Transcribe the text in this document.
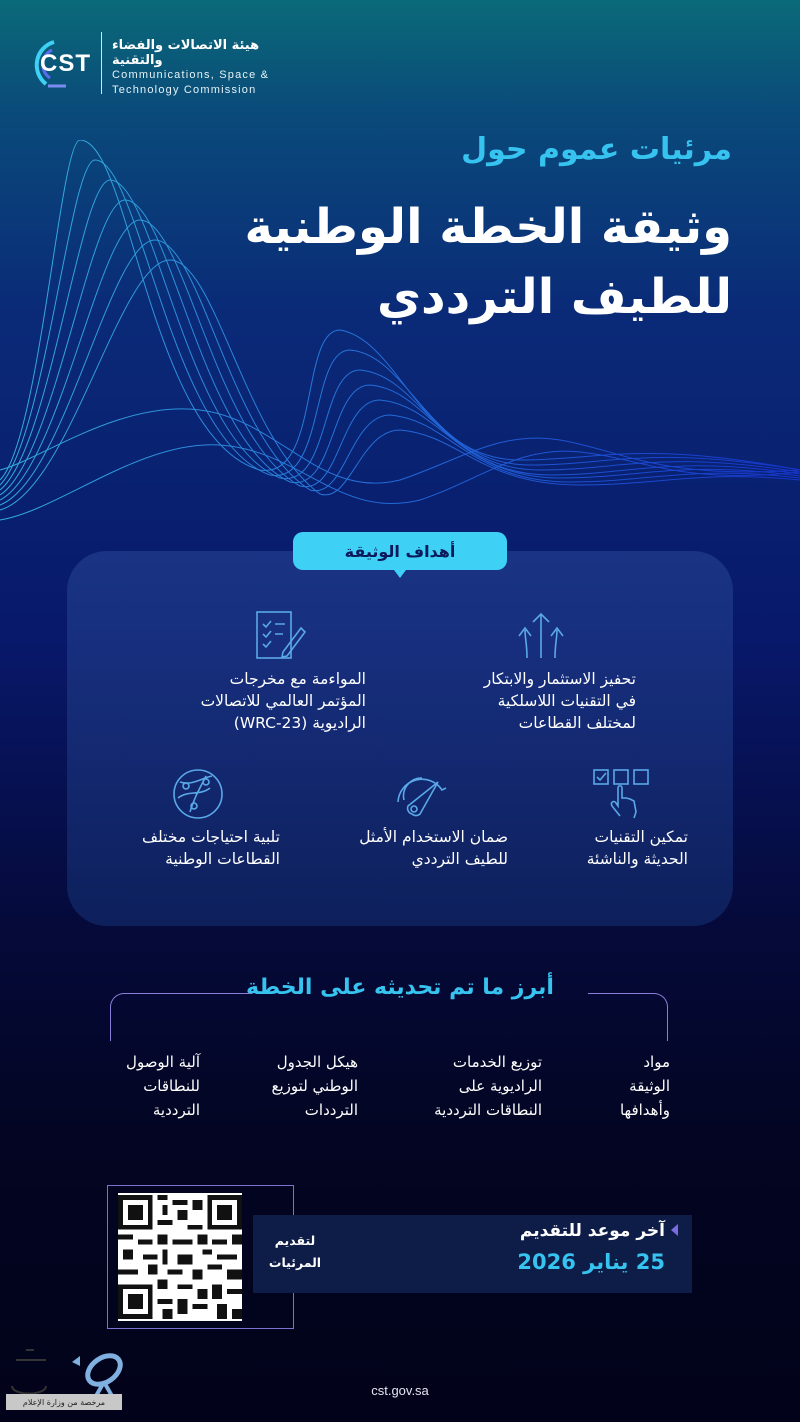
CST
هيئة الاتصالات والفضاء والتقنية
Communications, Space &
Technology Commission
مرئيات عموم حول
وثيقة الخطة الوطنية
للطيف الترددي
أهداف الوثيقة
تحفيز الاستثمار والابتكار
في التقنيات اللاسلكية
لمختلف القطاعات
المواءمة مع مخرجات
المؤتمر العالمي للاتصالات
الراديوية (WRC-23)
تمكين التقنيات
الحديثة والناشئة
ضمان الاستخدام الأمثل
للطيف الترددي
تلبية احتياجات مختلف
القطاعات الوطنية
أبرز ما تم تحديثه على الخطة
مواد
الوثيقة
وأهدافها
توزيع الخدمات
الراديوية على
النطاقات الترددية
هيكل الجدول
الوطني لتوزيع
الترددات
آلية الوصول
للنطاقات
الترددية
لتقديم
المرئيات
آخر موعد للتقديم
25 يناير 2026
cst.gov.sa
مرخصة من وزارة الإعلام
